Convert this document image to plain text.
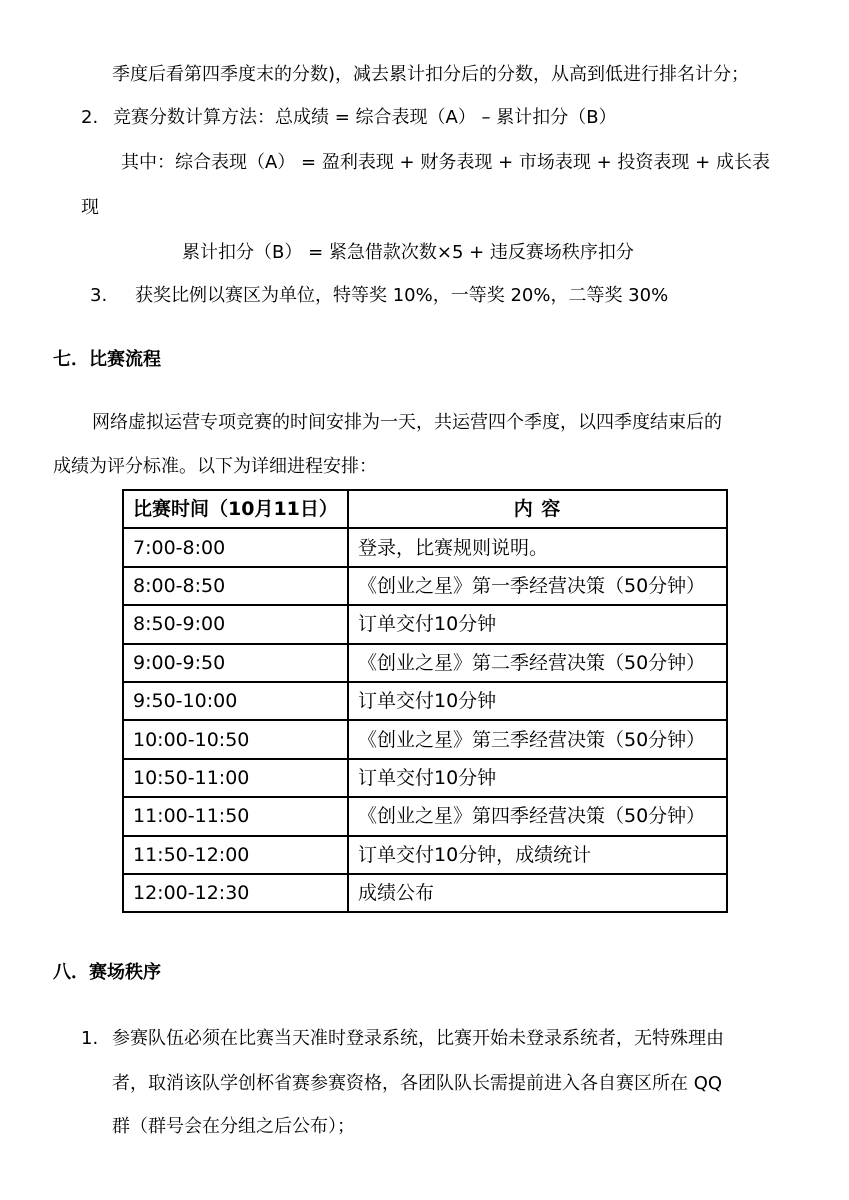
季度后看第四季度末的分数)，减去累计扣分后的分数，从高到低进行排名计分；
2. 竞赛分数计算方法：总成绩 = 综合表现（A） – 累计扣分（B）
其中：综合表现（A） = 盈利表现 + 财务表现 + 市场表现 + 投资表现 + 成长表
现
累计扣分（B） = 紧急借款次数×5 + 违反赛场秩序扣分
3. 获奖比例以赛区为单位，特等奖 10%，一等奖 20%，二等奖 30%
七．比赛流程
网络虚拟运营专项竞赛的时间安排为一天，共运营四个季度，以四季度结束后的
成绩为评分标准。以下为详细进程安排：
比赛时间（10月11日）	内 容
7:00-8:00	登录，比赛规则说明。
8:00-8:50	《创业之星》第一季经营决策（50分钟）
8:50-9:00	订单交付10分钟
9:00-9:50	《创业之星》第二季经营决策（50分钟）
9:50-10:00	订单交付10分钟
10:00-10:50	《创业之星》第三季经营决策（50分钟）
10:50-11:00	订单交付10分钟
11:00-11:50	《创业之星》第四季经营决策（50分钟）
11:50-12:00	订单交付10分钟，成绩统计
12:00-12:30	成绩公布
八．赛场秩序
1. 参赛队伍必须在比赛当天准时登录系统，比赛开始未登录系统者，无特殊理由
者，取消该队学创杯省赛参赛资格，各团队队长需提前进入各自赛区所在 QQ
群（群号会在分组之后公布）；
